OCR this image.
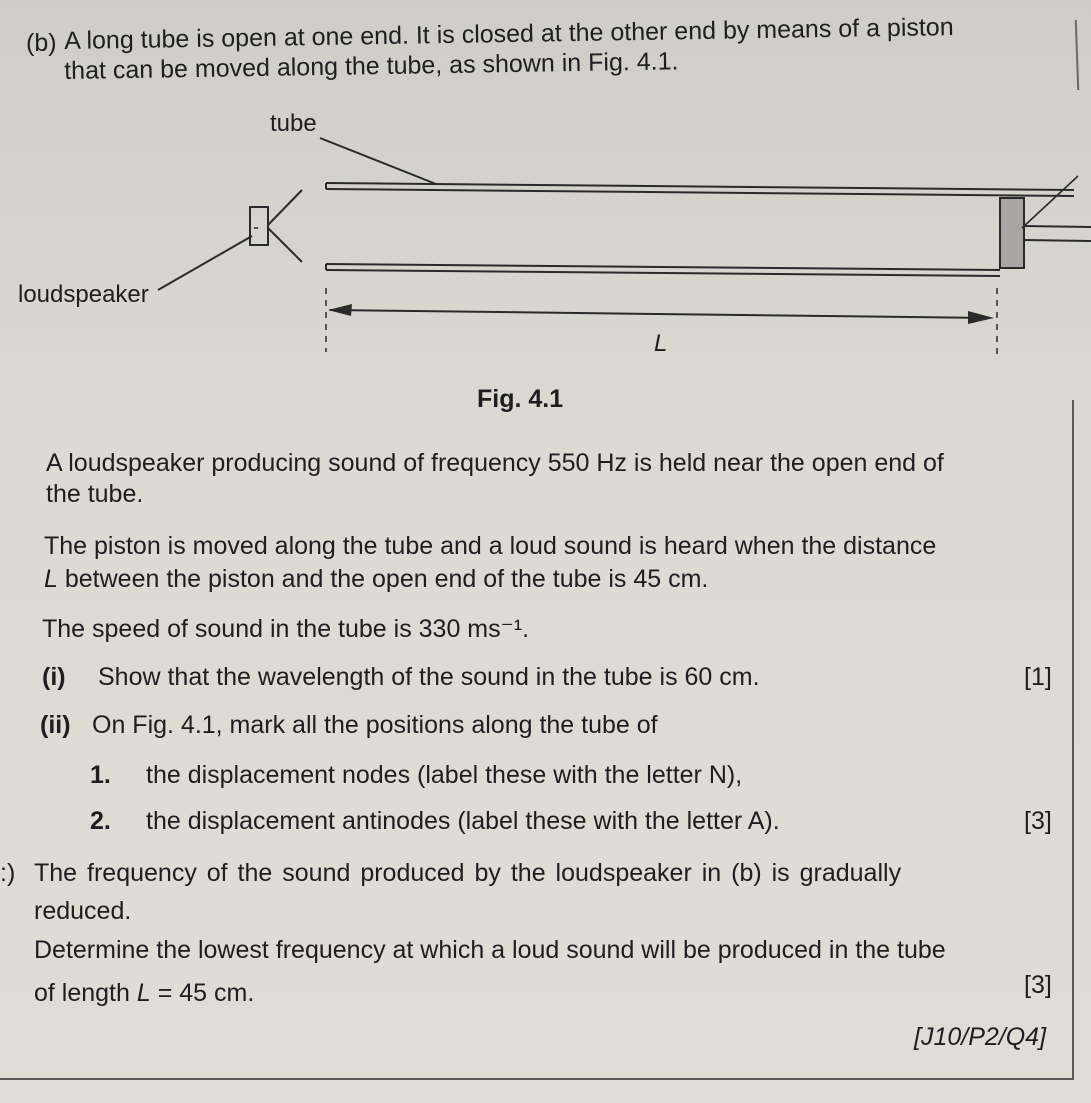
(b) A long tube is open at one end. It is closed at the other end by means of a piston
that can be moved along the tube, as shown in Fig. 4.1.
tube
loudspeaker
L
Fig. 4.1
A loudspeaker producing sound of frequency 550 Hz is held near the open end of
the tube.
The piston is moved along the tube and a loud sound is heard when the distance
L between the piston and the open end of the tube is 45 cm.
The speed of sound in the tube is 330 ms⁻¹.
(i) Show that the wavelength of the sound in the tube is 60 cm.	[1]
(ii) On Fig. 4.1, mark all the positions along the tube of
1. the displacement nodes (label these with the letter N),
2. the displacement antinodes (label these with the letter A).	[3]
:) The frequency of the sound produced by the loudspeaker in (b) is gradually
reduced.
Determine the lowest frequency at which a loud sound will be produced in the tube
of length L = 45 cm.	[3]
[J10/P2/Q4]
